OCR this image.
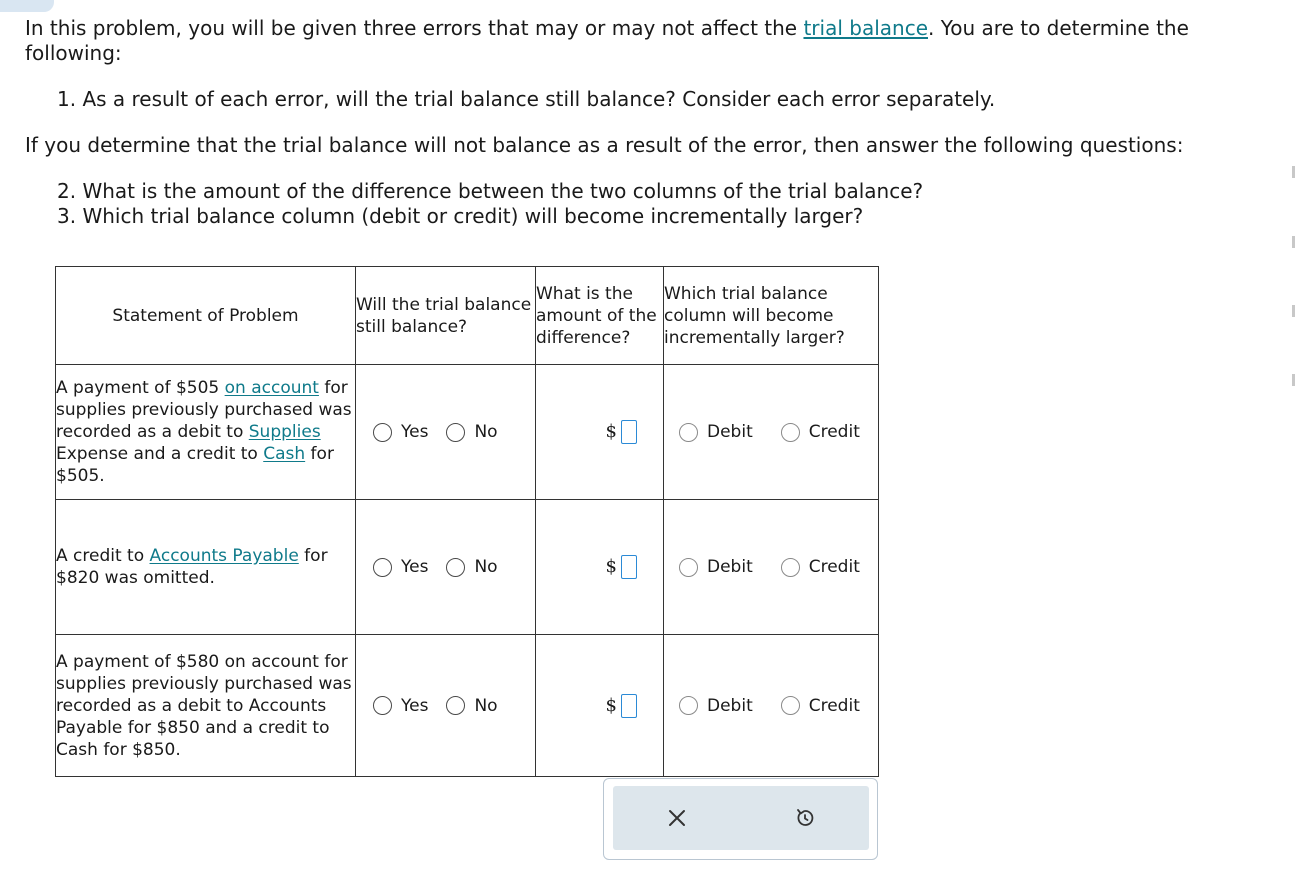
In this problem, you will be given three errors that may or may not affect the trial balance. You are to determine the following:

1. As a result of each error, will the trial balance still balance? Consider each error separately.
If you determine that the trial balance will not balance as a result of the error, then answer the following questions:
2. What is the amount of the difference between the two columns of the trial balance?
3. Which trial balance column (debit or credit) will become incrementally larger?
Statement of Problem	Will the trial balance still balance?	What is the amount of the difference?	Which trial balance column will become incrementally larger?
A payment of $505 on account for supplies previously purchased was recorded as a debit to Supplies Expense and a credit to Cash for $505.	Yes No	$	Debit Credit

A credit to Accounts Payable for $820 was omitted.	Yes No	$	Debit Credit

A payment of $580 on account for supplies previously purchased was recorded as a debit to Accounts Payable for $850 and a credit to Cash for $850.	Yes No	$	Debit Credit
